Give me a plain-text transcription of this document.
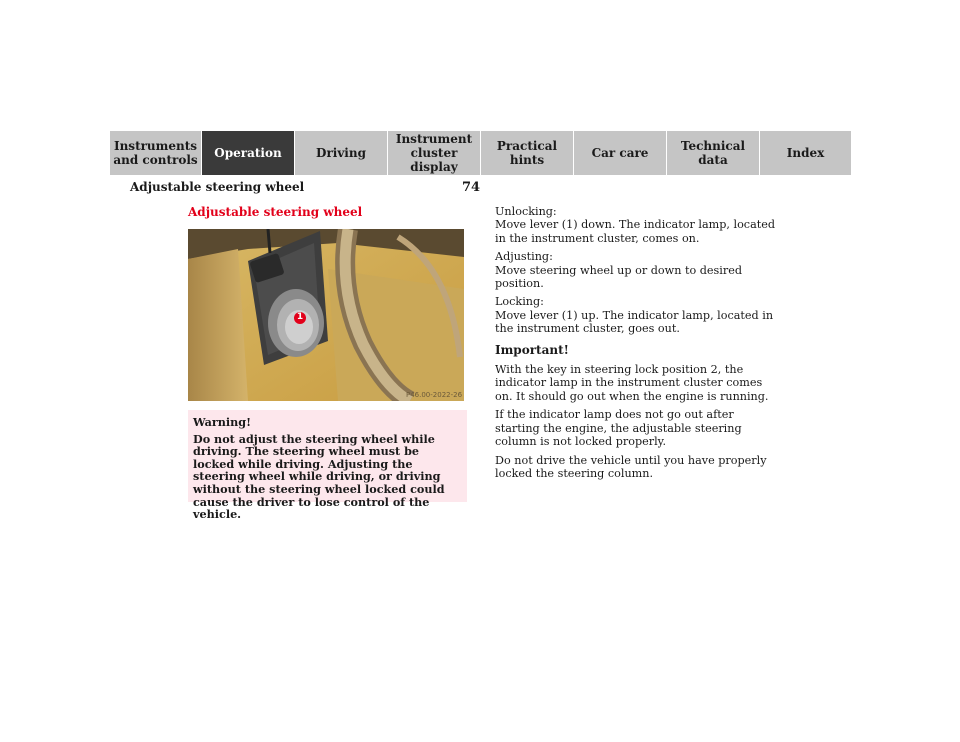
Instruments
and controls Operation	Driving
Instrument
cluster display
Practical hints	Car care	Technical
data	Index
74
Adjustable steering wheel
Adjustable steering wheel
1
P46.00-2022-26
Warning!
Do not adjust the steering wheel while driving. The steering wheel must be locked while driving. Adjusting the steering wheel while driving, or driving without the steering wheel locked could cause the driver to lose control of the vehicle.
Unlocking:
Move lever (1) down. The indicator lamp, located in the instrument cluster, comes on.
Adjusting:
Move steering wheel up or down to desired position.
Locking:
Move lever (1) up. The indicator lamp, located in the instrument cluster, goes out.
Important!
With the key in steering lock position 2, the indicator lamp in the instrument cluster comes on. It should go out when the engine is running.
If the indicator lamp does not go out after starting the engine, the adjustable steering column is not locked properly.
Do not drive the vehicle until you have properly locked the steering column.
